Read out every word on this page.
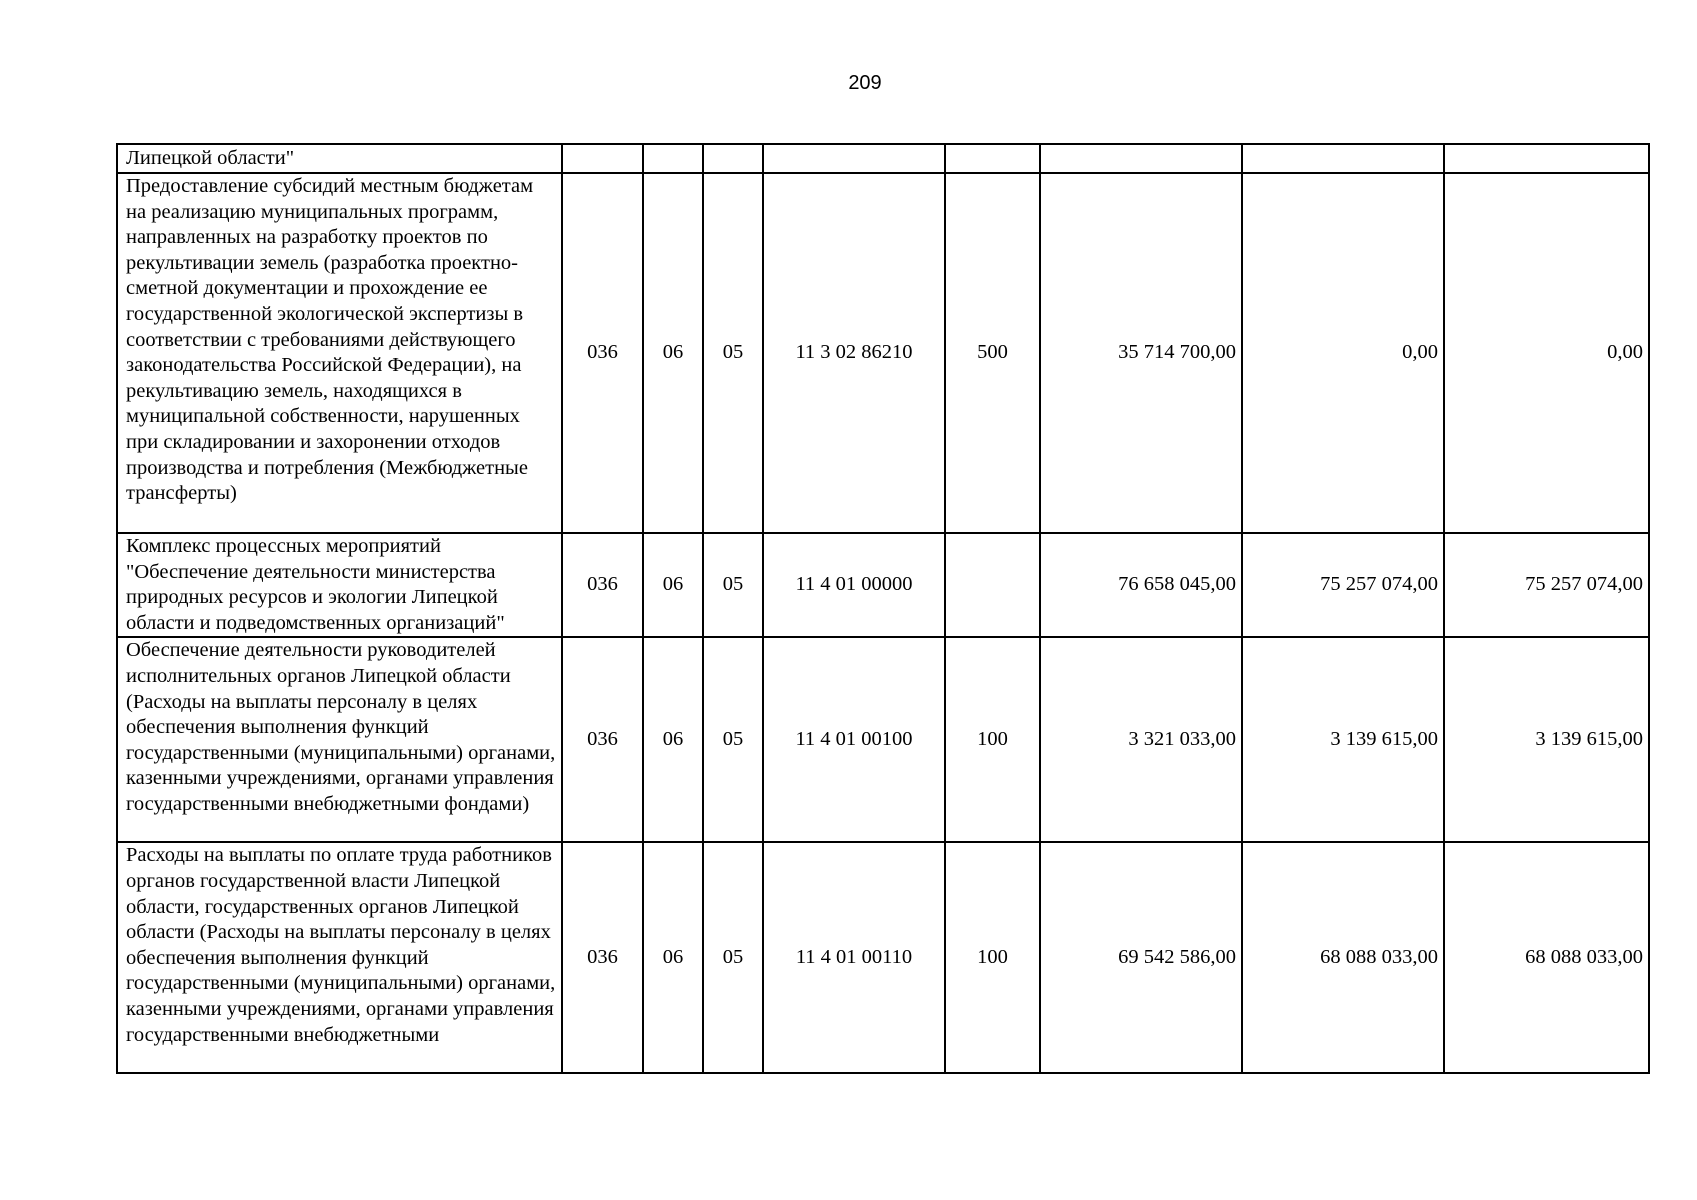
209
Липецкой области"								
Предоставление субсидий местным бюджетам на реализацию муниципальных программ, направленных на разработку проектов по рекультивации земель (разработка проектно-сметной документации и прохождение ее государственной экологической экспертизы в соответствии с требованиями действующего законодательства Российской Федерации), на рекультивацию земель, находящихся в муниципальной собственности, нарушенных при складировании и захоронении отходов производства и потребления (Межбюджетные трансферты)	036	06	05	11 3 02 86210	500	35 714 700,00	0,00	0,00
Комплекс процессных мероприятий "Обеспечение деятельности министерства природных ресурсов и экологии Липецкой области и подведомственных организаций"	036	06	05	11 4 01 00000		76 658 045,00	75 257 074,00	75 257 074,00
Обеспечение деятельности руководителей исполнительных органов Липецкой области (Расходы на выплаты персоналу в целях обеспечения выполнения функций государственными (муниципальными) органами, казенными учреждениями, органами управления государственными внебюджетными фондами)	036	06	05	11 4 01 00100	100	3 321 033,00	3 139 615,00	3 139 615,00
Расходы на выплаты по оплате труда работников органов государственной власти Липецкой области, государственных органов Липецкой области (Расходы на выплаты персоналу в целях обеспечения выполнения функций государственными (муниципальными) органами, казенными учреждениями, органами управления государственными внебюджетными	036	06	05	11 4 01 00110	100	69 542 586,00	68 088 033,00	68 088 033,00
